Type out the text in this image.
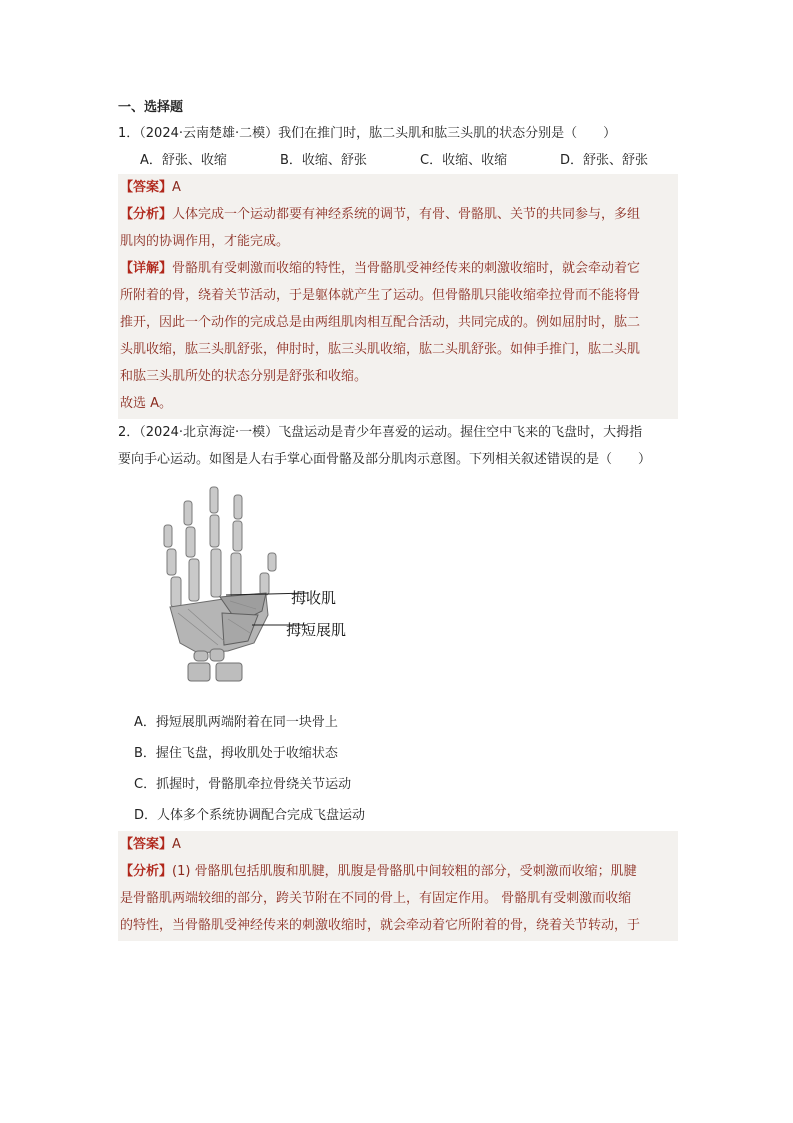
一、选择题
1．（2024·云南楚雄·二模）我们在推门时，肱二头肌和肱三头肌的状态分别是（　　）
A．舒张、收缩	B．收缩、舒张	C．收缩、收缩	D．舒张、舒张
【答案】A
【分析】人体完成一个运动都要有神经系统的调节，有骨、骨骼肌、关节的共同参与，多组
肌肉的协调作用，才能完成。
【详解】骨骼肌有受刺激而收缩的特性，当骨骼肌受神经传来的刺激收缩时，就会牵动着它
所附着的骨，绕着关节活动，于是躯体就产生了运动。但骨骼肌只能收缩牵拉骨而不能将骨
推开，因此一个动作的完成总是由两组肌肉相互配合活动，共同完成的。例如屈肘时，肱二
头肌收缩，肱三头肌舒张，伸肘时，肱三头肌收缩，肱二头肌舒张。如伸手推门，肱二头肌
和肱三头肌所处的状态分别是舒张和收缩。
故选 A。
2．（2024·北京海淀·一模）飞盘运动是青少年喜爱的运动。握住空中飞来的飞盘时，大拇指
要向手心运动。如图是人右手掌心面骨骼及部分肌肉示意图。下列相关叙述错误的是（　　）
拇收肌
拇短展肌
A．拇短展肌两端附着在同一块骨上
B．握住飞盘，拇收肌处于收缩状态
C．抓握时，骨骼肌牵拉骨绕关节运动
D．人体多个系统协调配合完成飞盘运动
【答案】A
【分析】(1) 骨骼肌包括肌腹和肌腱，肌腹是骨骼肌中间较粗的部分，受刺激而收缩；肌腱
是骨骼肌两端较细的部分，跨关节附在不同的骨上，有固定作用。 骨骼肌有受刺激而收缩
的特性，当骨骼肌受神经传来的刺激收缩时，就会牵动着它所附着的骨，绕着关节转动，于
